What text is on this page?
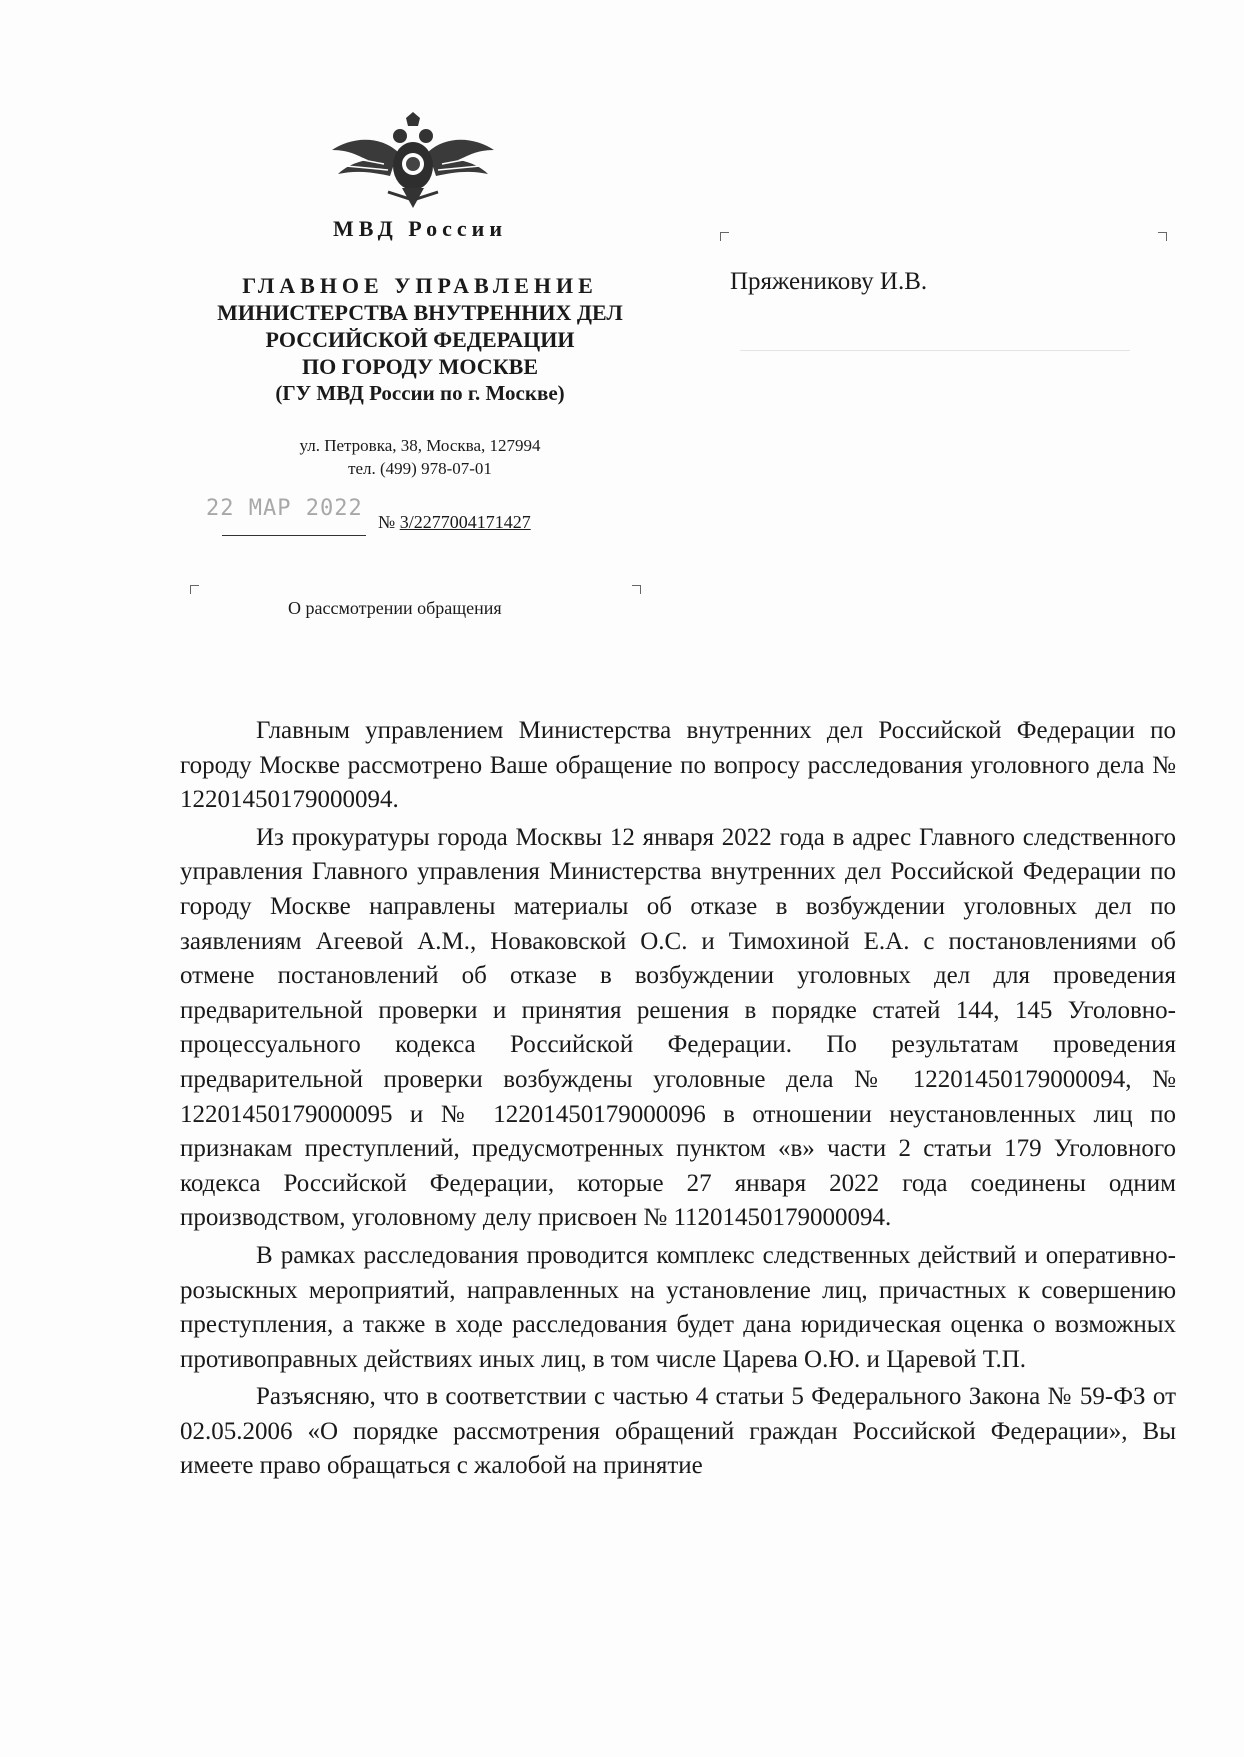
МВД России
ГЛАВНОЕ УПРАВЛЕНИЕ
МИНИСТЕРСТВА ВНУТРЕННИХ ДЕЛ
РОССИЙСКОЙ ФЕДЕРАЦИИ
ПО ГОРОДУ МОСКВЕ
(ГУ МВД России по г. Москве)
ул. Петровка, 38, Москва, 127994
тел. (499) 978-07-01
22 МАР 2022
№ 3/2277004171427
О рассмотрении обращения
Пряженикову И.В.

Главным управлением Министерства внутренних дел Российской Федерации по городу Москве рассмотрено Ваше обращение по вопросу расследования уголовного дела № 12201450179000094.

Из прокуратуры города Москвы 12 января 2022 года в адрес Главного следственного управления Главного управления Министерства внутренних дел Российской Федерации по городу Москве направлены материалы об отказе в возбуждении уголовных дел по заявлениям Агеевой А.М., Новаковской О.С. и Тимохиной Е.А. с постановлениями об отмене постановлений об отказе в возбуждении уголовных дел для проведения предварительной проверки и принятия решения в порядке статей 144, 145 Уголовно-процессуального кодекса Российской Федерации. По результатам проведения предварительной проверки возбуждены уголовные дела № 12201450179000094, № 12201450179000095 и № 12201450179000096 в отношении неустановленных лиц по признакам преступлений, предусмотренных пунктом «в» части 2 статьи 179 Уголовного кодекса Российской Федерации, которые 27 января 2022 года соединены одним производством, уголовному делу присвоен № 11201450179000094.

В рамках расследования проводится комплекс следственных действий и оперативно-розыскных мероприятий, направленных на установление лиц, причастных к совершению преступления, а также в ходе расследования будет дана юридическая оценка о возможных противоправных действиях иных лиц, в том числе Царева О.Ю. и Царевой Т.П.

Разъясняю, что в соответствии с частью 4 статьи 5 Федерального Закона № 59-ФЗ от 02.05.2006 «О порядке рассмотрения обращений граждан Российской Федерации», Вы имеете право обращаться с жалобой на принятие
